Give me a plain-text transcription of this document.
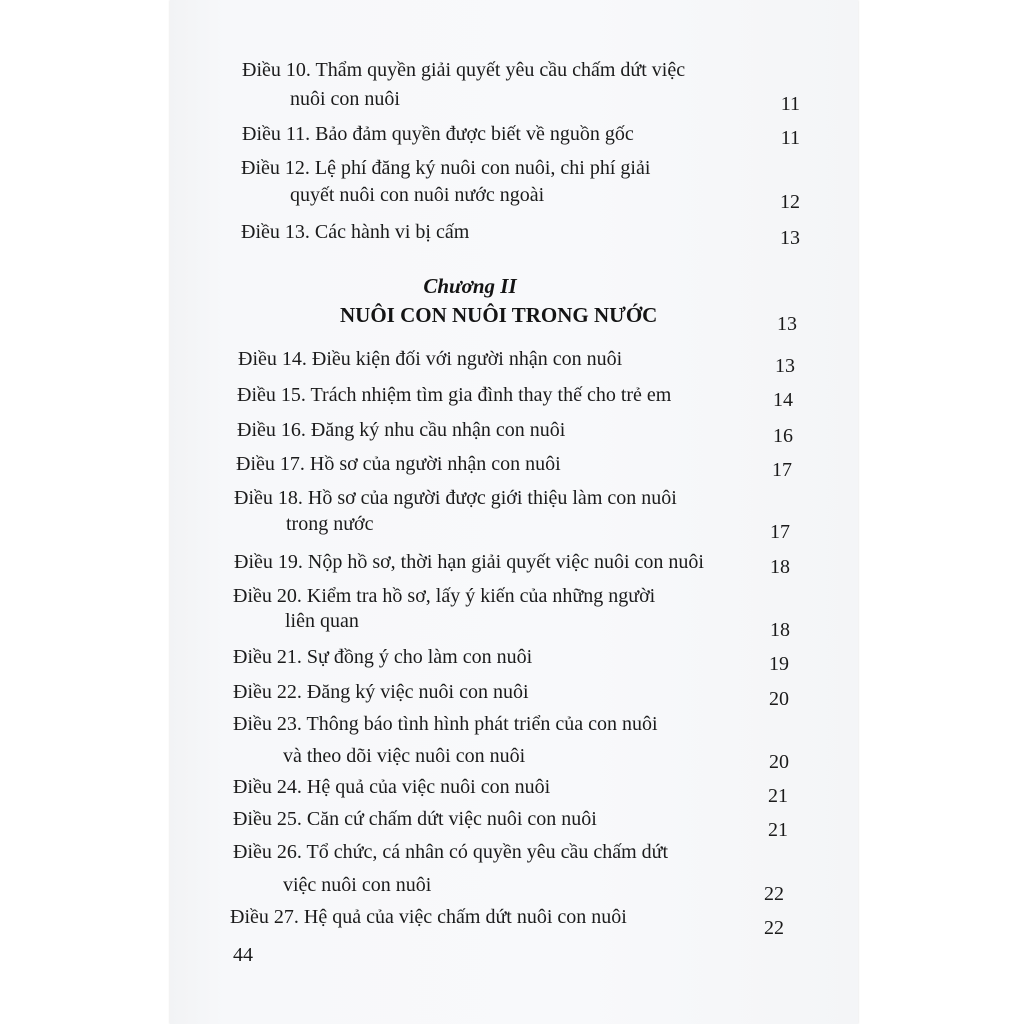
Điều 10. Thẩm quyền giải quyết yêu cầu chấm dứt việc
nuôi con nuôi	11
Điều 11. Bảo đảm quyền được biết về nguồn gốc	11
Điều 12. Lệ phí đăng ký nuôi con nuôi, chi phí giải
quyết nuôi con nuôi nước ngoài	12
Điều 13. Các hành vi bị cấm	13
Chương II
NUÔI CON NUÔI TRONG NƯỚC	13
Điều 14. Điều kiện đối với người nhận con nuôi	13
Điều 15. Trách nhiệm tìm gia đình thay thế cho trẻ em	14
Điều 16. Đăng ký nhu cầu nhận con nuôi	16
Điều 17. Hồ sơ của người nhận con nuôi	17
Điều 18. Hồ sơ của người được giới thiệu làm con nuôi
trong nước	17
Điều 19. Nộp hồ sơ, thời hạn giải quyết việc nuôi con nuôi	18
Điều 20. Kiểm tra hồ sơ, lấy ý kiến của những người
liên quan	18
Điều 21. Sự đồng ý cho làm con nuôi	19
Điều 22. Đăng ký việc nuôi con nuôi	20
Điều 23. Thông báo tình hình phát triển của con nuôi
và theo dõi việc nuôi con nuôi	20
Điều 24. Hệ quả của việc nuôi con nuôi	21
Điều 25. Căn cứ chấm dứt việc nuôi con nuôi	21
Điều 26. Tổ chức, cá nhân có quyền yêu cầu chấm dứt
việc nuôi con nuôi	22
Điều 27. Hệ quả của việc chấm dứt nuôi con nuôi	22
44
